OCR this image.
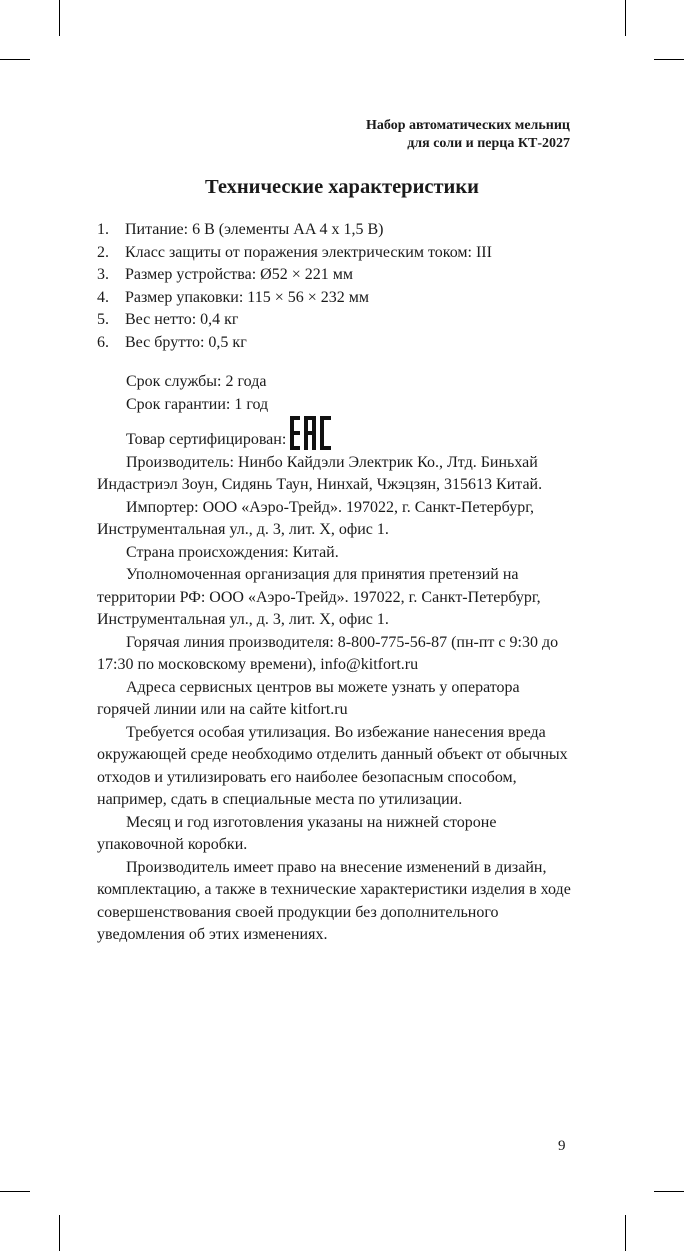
Набор автоматических мельниц
для соли и перца КТ-2027
Технические характеристики
1.	Питание: 6 В (элементы AA 4 х 1,5 В)
2.	Класс защиты от поражения электрическим током: III
3.	Размер устройства: Ø52 × 221 мм
4.	Размер упаковки: 115 × 56 × 232 мм
5.	Вес нетто: 0,4 кг
6.	Вес брутто: 0,5 кг

Срок службы: 2 года

Срок гарантии: 1 год

Товар сертифицирован:

Производитель: Нинбо Кайдэли Электрик Ко., Лтд. Биньхай Индастриэл Зоун, Сидянь Таун, Нинхай, Чжэцзян, 315613 Китай.

Импортер: ООО «Аэро-Трейд». 197022, г. Санкт-Петербург, Инструментальная ул., д. 3, лит. Х, офис 1.

Страна происхождения: Китай.

Уполномоченная организация для принятия претензий на территории РФ: ООО «Аэро-Трейд». 197022, г. Санкт-Петербург, Инструментальная ул., д. 3, лит. Х, офис 1.

Горячая линия производителя: 8-800-775-56-87 (пн-пт с 9:30 до 17:30 по московскому времени), info@kitfort.ru

Адреса сервисных центров вы можете узнать у оператора горячей линии или на сайте kitfort.ru

Требуется особая утилизация. Во избежание нанесения вреда окружающей среде необходимо отделить данный объект от обычных отходов и утилизировать его наиболее безопасным способом, например, сдать в специальные места по утилизации.

Месяц и год изготовления указаны на нижней стороне упаковочной коробки.

Производитель имеет право на внесение изменений в дизайн, комплектацию, а также в технические характеристики изделия в ходе совершенствования своей продукции без дополнительного уведомления об этих изменениях.

9
